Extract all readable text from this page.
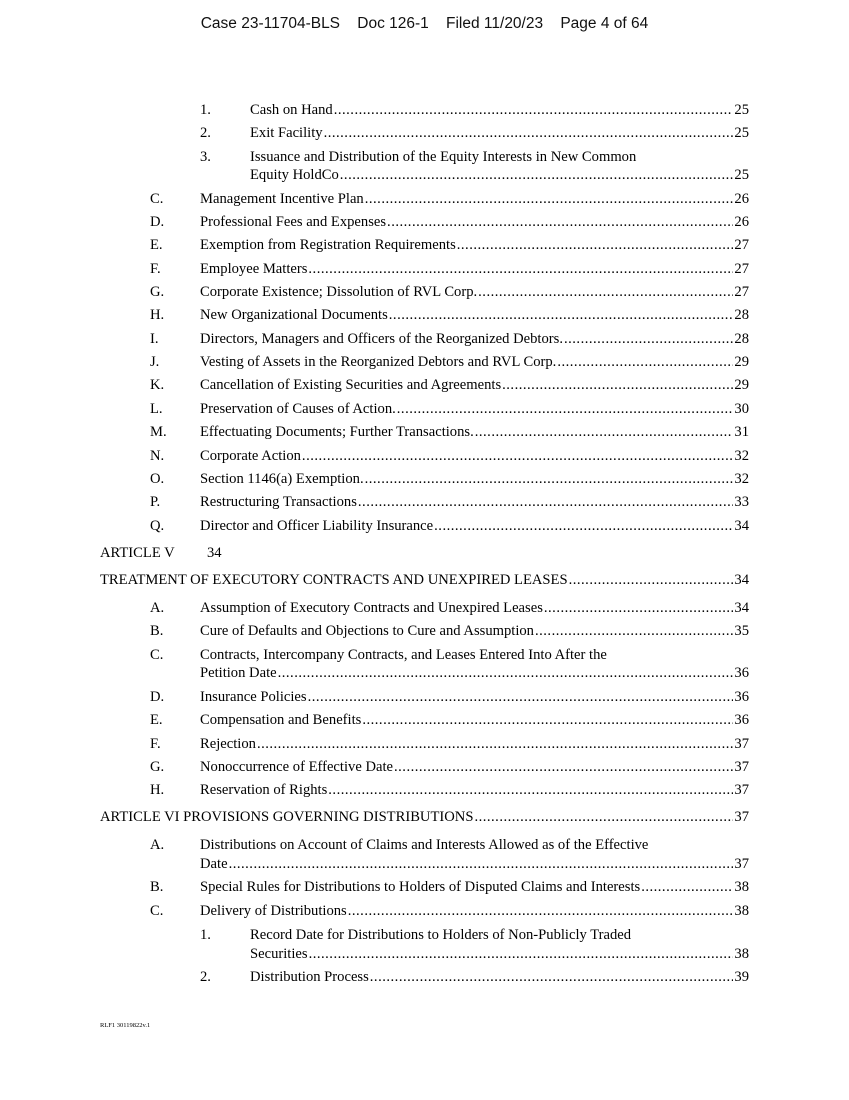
Case 23-11704-BLS Doc 126-1 Filed 11/20/23 Page 4 of 64
1.	Cash on Hand .....	25
2.	Exit Facility .....	25
3.	Issuance and Distribution of the Equity Interests in New Common
Equity HoldCo .....	25
C.	Management Incentive Plan .....	26
D. Professional Fees and Expenses .....	26
E.	Exemption from Registration Requirements .....	27
F.	Employee Matters .....	27
G. Corporate Existence; Dissolution of RVL Corp. .....	27
H. New Organizational Documents .....	28
I.	Directors, Managers and Officers of the Reorganized Debtors. .....	28
J.	Vesting of Assets in the Reorganized Debtors and RVL Corp. .....	29
K. Cancellation of Existing Securities and Agreements .....	29
L.	Preservation of Causes of Action. .....	30
M. Effectuating Documents; Further Transactions. .....	31
N. Corporate Action .....	32
O. Section 1146(a) Exemption. .....	32
P.	Restructuring Transactions .....	33
Q. Director and Officer Liability Insurance .....	34
ARTICLE V 34
TREATMENT OF EXECUTORY CONTRACTS AND UNEXPIRED LEASES .....	34
A. Assumption of Executory Contracts and Unexpired Leases .....	34
B.	Cure of Defaults and Objections to Cure and Assumption .....	35
C.	Contracts, Intercompany Contracts, and Leases Entered Into After the
Petition Date .....	36
D. Insurance Policies .....	36
E.	Compensation and Benefits .....	36
F.	Rejection .....	37
G. Nonoccurrence of Effective Date .....	37
H. Reservation of Rights .....	37
ARTICLE VI PROVISIONS GOVERNING DISTRIBUTIONS .....	37
A. Distributions on Account of Claims and Interests Allowed as of the Effective
Date .....	37
B.	Special Rules for Distributions to Holders of Disputed Claims and Interests .....	38
C.	Delivery of Distributions .....	38
1.	Record Date for Distributions to Holders of Non-Publicly Traded
Securities .....	38
2.	Distribution Process .....	39
RLF1 30119822v.1
